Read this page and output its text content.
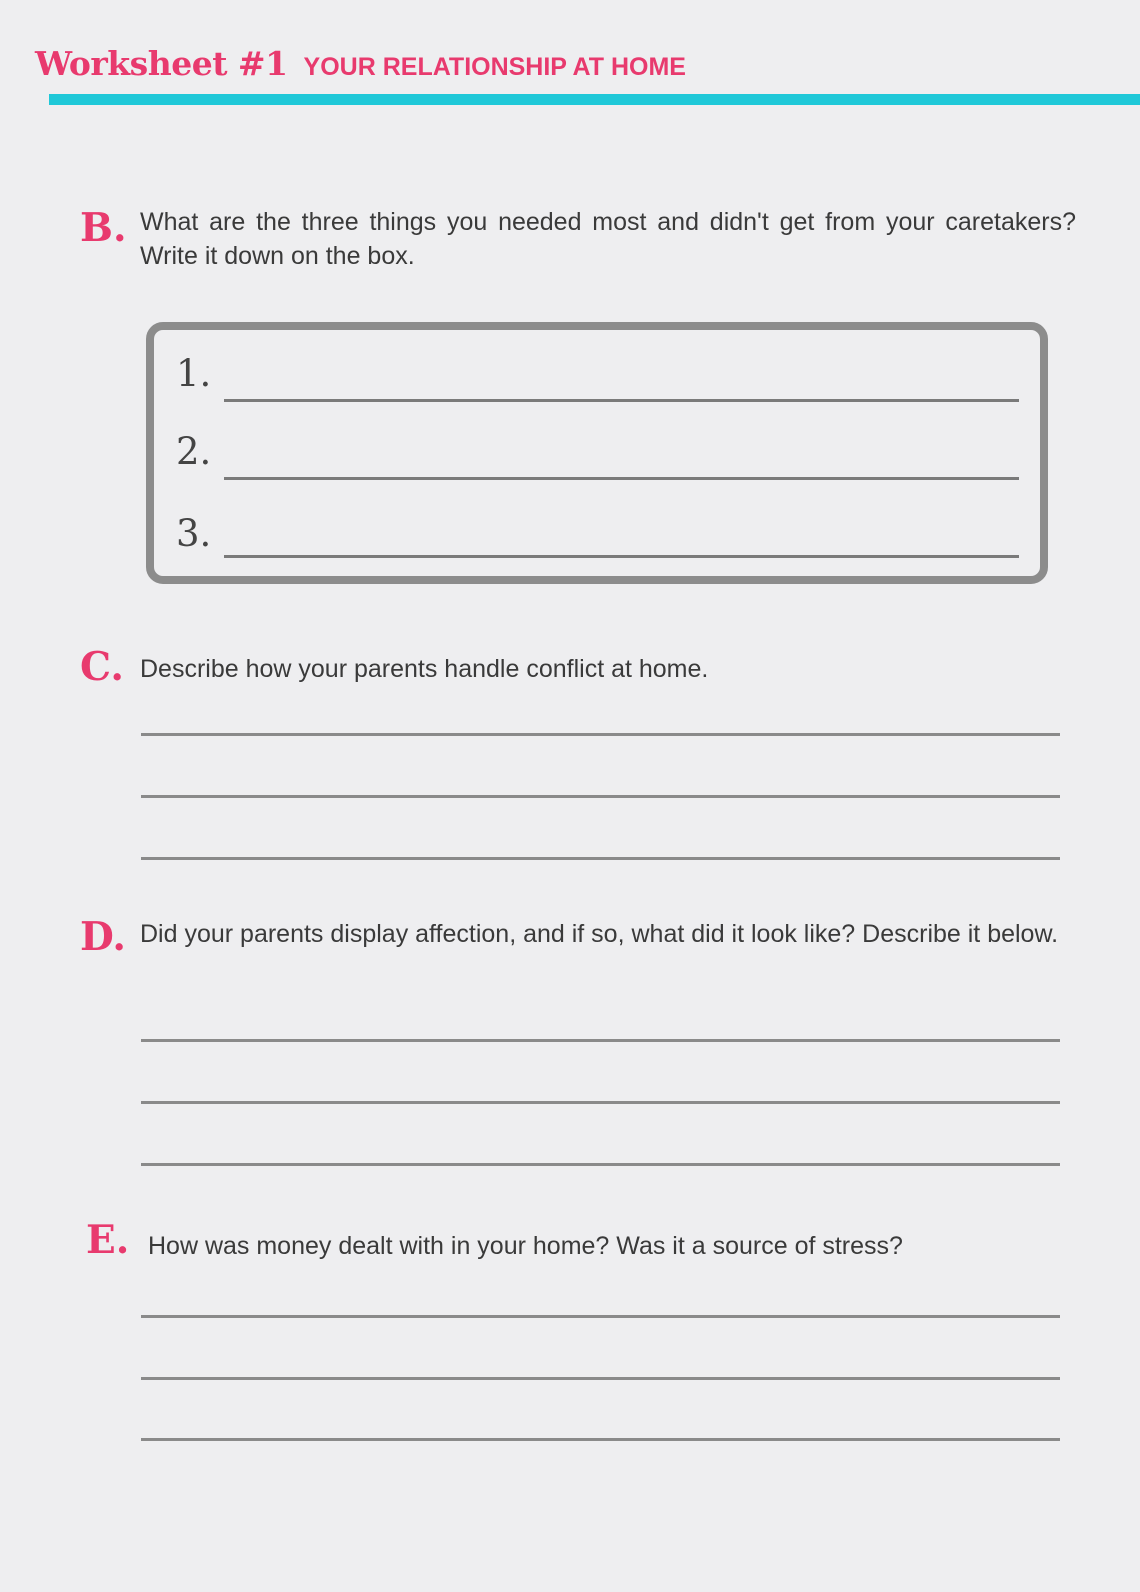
Worksheet #1 YOUR RELATIONSHIP AT HOME
B. What are the three things you needed most and didn't get from your caretakers? Write it down on the box.
1.
2.
3.
C. Describe how your parents handle conflict at home.
D. Did your parents display affection, and if so, what did it look like? Describe it below.
E. How was money dealt with in your home? Was it a source of stress?
